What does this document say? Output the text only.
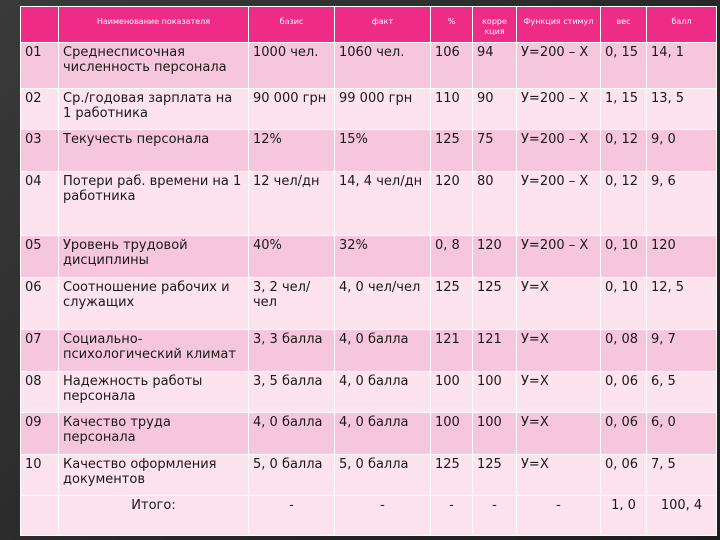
	Наименование показателя	базис	факт	%	корре кция	Функция стимул	вес	балл
01	Среднесписочная численность персонала	1000 чел.	1060 чел.	106	94	У=200 – Х	0, 15	14, 1
02	Ср./годовая зарплата на 1 работника	90 000 грн	99 000 грн	110	90	У=200 – Х	1, 15	13, 5
03	Текучесть персонала	12%	15%	125	75	У=200 – Х	0, 12	9, 0
04	Потери раб. времени на 1 работника	12 чел/дн	14, 4 чел/дн	120	80	У=200 – Х	0, 12	9, 6
05	Уровень трудовой дисциплины	40%	32%	0, 8	120	У=200 – Х	0, 10	120
06	Соотношение рабочих и служащих	3, 2 чел/чел	4, 0 чел/чел	125	125	У=Х	0, 10	12, 5
07	Социально-психологический климат	3, 3 балла	4, 0 балла	121	121	У=Х	0, 08	9, 7
08	Надежность работы персонала	3, 5 балла	4, 0 балла	100	100	У=Х	0, 06	6, 5
09	Качество труда персонала	4, 0 балла	4, 0 балла	100	100	У=Х	0, 06	6, 0
10	Качество оформления документов	5, 0 балла	5, 0 балла	125	125	У=Х	0, 06	7, 5
	Итого:	-	-	-	-	-	1, 0	100, 4
